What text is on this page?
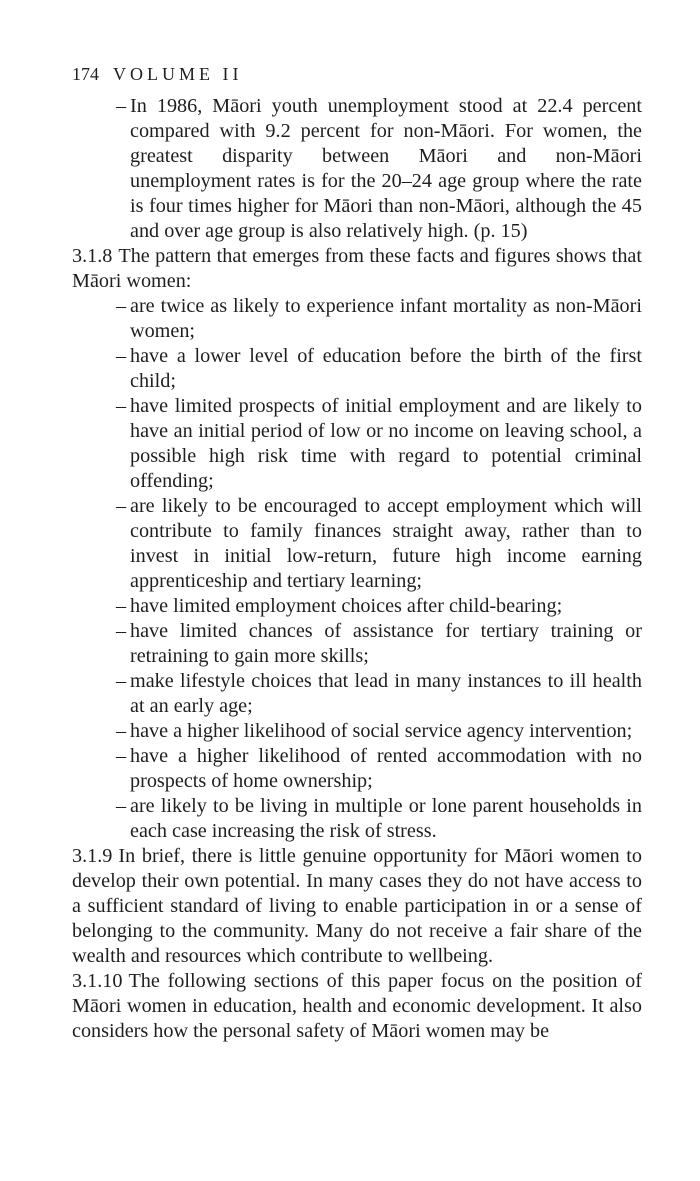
174 VOLUME II
– In 1986, Māori youth unemployment stood at 22.4 percent compared with 9.2 percent for non-Māori. For women, the greatest disparity between Māori and non-Māori unemployment rates is for the 20–24 age group where the rate is four times higher for Māori than non-Māori, although the 45 and over age group is also relatively high. (p. 15)

3.1.8 The pattern that emerges from these facts and figures shows that Māori women:

– are twice as likely to experience infant mortality as non-Māori women;
– have a lower level of education before the birth of the first child;
– have limited prospects of initial employment and are likely to have an initial period of low or no income on leaving school, a possible high risk time with regard to potential criminal offending;
– are likely to be encouraged to accept employment which will contribute to family finances straight away, rather than to invest in initial low-return, future high income earning apprenticeship and tertiary learning;
– have limited employment choices after child-bearing;
– have limited chances of assistance for tertiary training or retraining to gain more skills;
– make lifestyle choices that lead in many instances to ill health at an early age;
– have a higher likelihood of social service agency intervention;
– have a higher likelihood of rented accommodation with no prospects of home ownership;
– are likely to be living in multiple or lone parent households in each case increasing the risk of stress.

3.1.9 In brief, there is little genuine opportunity for Māori women to develop their own potential. In many cases they do not have access to a sufficient standard of living to enable participation in or a sense of belonging to the community. Many do not receive a fair share of the wealth and resources which contribute to wellbeing.

3.1.10 The following sections of this paper focus on the position of Māori women in education, health and economic development. It also considers how the personal safety of Māori women may be
